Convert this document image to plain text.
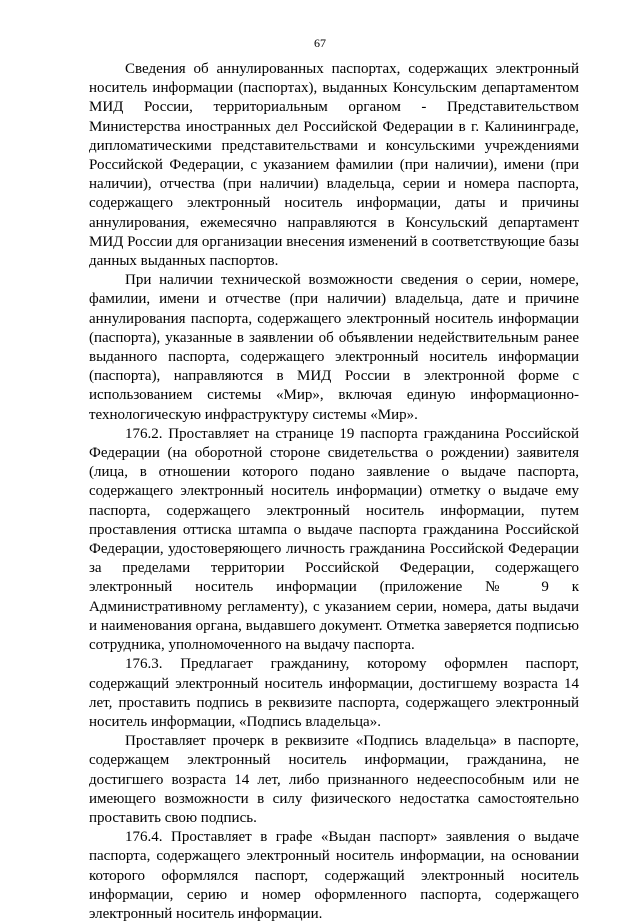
67

Сведения об аннулированных паспортах, содержащих электронный носитель информации (паспортах), выданных Консульским департаментом МИД России, территориальным органом - Представительством Министерства иностранных дел Российской Федерации в г. Калининграде, дипломатическими представительствами и консульскими учреждениями Российской Федерации, с указанием фамилии (при наличии), имени (при наличии), отчества (при наличии) владельца, серии и номера паспорта, содержащего электронный носитель информации, даты и причины аннулирования, ежемесячно направляются в Консульский департамент МИД России для организации внесения изменений в соответствующие базы данных выданных паспортов.

При наличии технической возможности сведения о серии, номере, фамилии, имени и отчестве (при наличии) владельца, дате и причине аннулирования паспорта, содержащего электронный носитель информации (паспорта), указанные в заявлении об объявлении недействительным ранее выданного паспорта, содержащего электронный носитель информации (паспорта), направляются в МИД России в электронной форме с использованием системы «Мир», включая единую информационно-технологическую инфраструктуру системы «Мир».

176.2. Проставляет на странице 19 паспорта гражданина Российской Федерации (на оборотной стороне свидетельства о рождении) заявителя (лица, в отношении которого подано заявление о выдаче паспорта, содержащего электронный носитель информации) отметку о выдаче ему паспорта, содержащего электронный носитель информации, путем проставления оттиска штампа о выдаче паспорта гражданина Российской Федерации, удостоверяющего личность гражданина Российской Федерации за пределами территории Российской Федерации, содержащего электронный носитель информации (приложение № 9 к Административному регламенту), с указанием серии, номера, даты выдачи и наименования органа, выдавшего документ. Отметка заверяется подписью сотрудника, уполномоченного на выдачу паспорта.

176.3. Предлагает гражданину, которому оформлен паспорт, содержащий электронный носитель информации, достигшему возраста 14 лет, проставить подпись в реквизите паспорта, содержащего электронный носитель информации, «Подпись владельца».

Проставляет прочерк в реквизите «Подпись владельца» в паспорте, содержащем электронный носитель информации, гражданина, не достигшего возраста 14 лет, либо признанного недееспособным или не имеющего возможности в силу физического недостатка самостоятельно проставить свою подпись.

176.4. Проставляет в графе «Выдан паспорт» заявления о выдаче паспорта, содержащего электронный носитель информации, на основании которого оформлялся паспорт, содержащий электронный носитель информации, серию и номер оформленного паспорта, содержащего электронный носитель информации.
